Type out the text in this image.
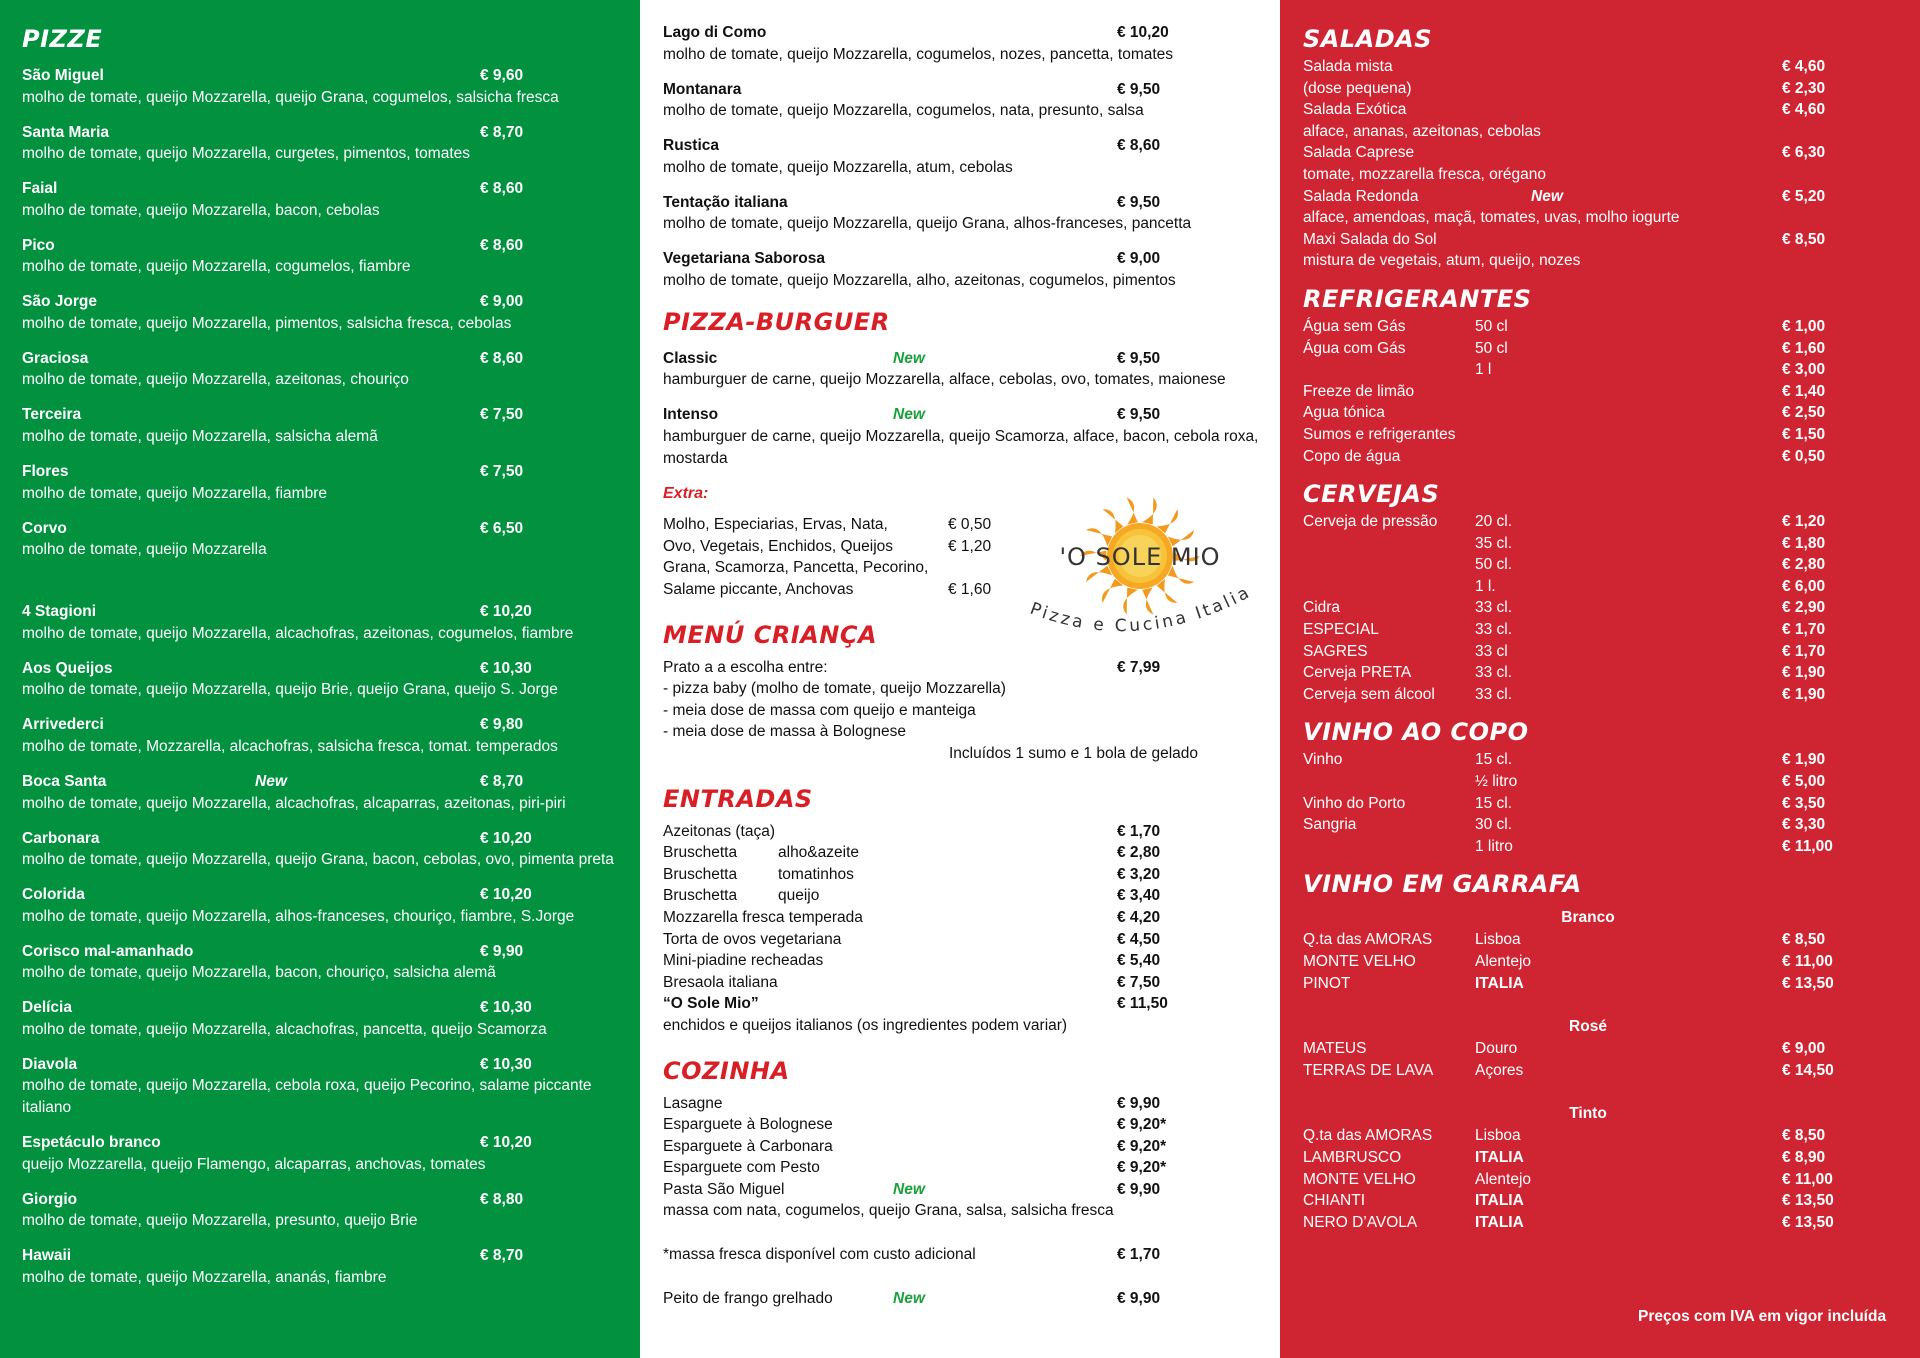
PIZZE
São Miguel	€ 9,60
molho de tomate, queijo Mozzarella, queijo Grana, cogumelos, salsicha fresca
Santa Maria	€ 8,70
molho de tomate, queijo Mozzarella, curgetes, pimentos, tomates
Faial	€ 8,60
molho de tomate, queijo Mozzarella, bacon, cebolas
Pico	€ 8,60
molho de tomate, queijo Mozzarella, cogumelos, fiambre
São Jorge	€ 9,00
molho de tomate, queijo Mozzarella, pimentos, salsicha fresca, cebolas
Graciosa	€ 8,60
molho de tomate, queijo Mozzarella, azeitonas, chouriço
Terceira	€ 7,50
molho de tomate, queijo Mozzarella, salsicha alemã
Flores	€ 7,50
molho de tomate, queijo Mozzarella, fiambre
Corvo	€ 6,50
molho de tomate, queijo Mozzarella
4 Stagioni	€ 10,20
molho de tomate, queijo Mozzarella, alcachofras, azeitonas, cogumelos, fiambre
Aos Queijos	€ 10,30
molho de tomate, queijo Mozzarella, queijo Brie, queijo Grana, queijo S. Jorge
Arrivederci	€ 9,80
molho de tomate, Mozzarella, alcachofras, salsicha fresca, tomat. temperados
Boca Santa	New	€ 8,70
molho de tomate, queijo Mozzarella, alcachofras, alcaparras, azeitonas, piri-piri
Carbonara	€ 10,20
molho de tomate, queijo Mozzarella, queijo Grana, bacon, cebolas, ovo, pimenta preta
Colorida	€ 10,20
molho de tomate, queijo Mozzarella, alhos-franceses, chouriço, fiambre, S.Jorge
Corisco mal-amanhado	€ 9,90
molho de tomate, queijo Mozzarella, bacon, chouriço, salsicha alemã
Delícia	€ 10,30
molho de tomate, queijo Mozzarella, alcachofras, pancetta, queijo Scamorza
Diavola	€ 10,30
molho de tomate, queijo Mozzarella, cebola roxa, queijo Pecorino, salame piccante italiano
Espetáculo branco	€ 10,20
queijo Mozzarella, queijo Flamengo, alcaparras, anchovas, tomates
Giorgio	€ 8,80
molho de tomate, queijo Mozzarella, presunto, queijo Brie
Hawaii	€ 8,70
molho de tomate, queijo Mozzarella, ananás, fiambre
Lago di Como	€ 10,20
molho de tomate, queijo Mozzarella, cogumelos, nozes, pancetta, tomates
Montanara	€ 9,50
molho de tomate, queijo Mozzarella, cogumelos, nata, presunto, salsa
Rustica	€ 8,60
molho de tomate, queijo Mozzarella, atum, cebolas
Tentação italiana	€ 9,50
molho de tomate, queijo Mozzarella, queijo Grana, alhos-franceses, pancetta
Vegetariana Saborosa	€ 9,00
molho de tomate, queijo Mozzarella, alho, azeitonas, cogumelos, pimentos
PIZZA-BURGUER
Classic	New	€ 9,50
hamburguer de carne, queijo Mozzarella, alface, cebolas, ovo, tomates, maionese
Intenso	New	€ 9,50
hamburguer de carne, queijo Mozzarella, queijo Scamorza, alface, bacon, cebola roxa, mostarda
Extra:
Molho, Especiarias, Ervas, Nata,	€ 0,50
Ovo, Vegetais, Enchidos, Queijos	€ 1,20
Grana, Scamorza, Pancetta, Pecorino,
Salame piccante, Anchovas	€ 1,60
'O SOLE MIO
Pizza e Cucina Italia
MENÚ CRIANÇA
Prato a a escolha entre:	€ 7,99
- pizza baby (molho de tomate, queijo Mozzarella)
- meia dose de massa com queijo e manteiga
- meia dose de massa à Bolognese
Incluídos 1 sumo e 1 bola de gelado
ENTRADAS
Azeitonas (taça)	€ 1,70
Bruschetta	alho&azeite	€ 2,80
Bruschetta	tomatinhos	€ 3,20
Bruschetta	queijo	€ 3,40
Mozzarella fresca temperada	€ 4,20
Torta de ovos vegetariana	€ 4,50
Mini-piadine recheadas	€ 5,40
Bresaola italiana	€ 7,50
“O Sole Mio”	€ 11,50
enchidos e queijos italianos (os ingredientes podem variar)
COZINHA
Lasagne	€ 9,90
Esparguete à Bolognese	€ 9,20*
Esparguete à Carbonara	€ 9,20*
Esparguete com Pesto	€ 9,20*
Pasta São Miguel	New	€ 9,90
massa com nata, cogumelos, queijo Grana, salsa, salsicha fresca
*massa fresca disponível com custo adicional	€ 1,70
Peito de frango grelhado	New	€ 9,90
SALADAS
Salada mista	€ 4,60
(dose pequena)	€ 2,30
Salada Exótica	€ 4,60
alface, ananas, azeitonas, cebolas
Salada Caprese	€ 6,30
tomate, mozzarella fresca, orégano
Salada Redonda	New	€ 5,20
alface, amendoas, maçã, tomates, uvas, molho iogurte
Maxi Salada do Sol	€ 8,50
mistura de vegetais, atum, queijo, nozes
REFRIGERANTES
Água sem Gás	50 cl	€ 1,00
Água com Gás	50 cl	€ 1,60
1 l	€ 3,00
Freeze de limão	€ 1,40
Agua tónica	€ 2,50
Sumos e refrigerantes	€ 1,50
Copo de água	€ 0,50
CERVEJAS
Cerveja de pressão 20 cl.	€ 1,20
35 cl.	€ 1,80
50 cl.	€ 2,80
1 l.	€ 6,00
Cidra	33 cl.	€ 2,90
ESPECIAL	33 cl.	€ 1,70
SAGRES	33 cl	€ 1,70
Cerveja PRETA	33 cl.	€ 1,90
Cerveja sem álcool	33 cl.	€ 1,90
VINHO AO COPO
Vinho	15 cl.	€ 1,90
½ litro	€ 5,00
Vinho do Porto	15 cl.	€ 3,50
Sangria	30 cl.	€ 3,30
1 litro	€ 11,00
VINHO EM GARRAFA
Branco
Q.ta das AMORAS	Lisboa	€ 8,50
MONTE VELHO	Alentejo	€ 11,00
PINOT	ITALIA	€ 13,50
Rosé
MATEUS	Douro	€ 9,00
TERRAS DE LAVA	Açores	€ 14,50
Tinto
Q.ta das AMORAS	Lisboa	€ 8,50
LAMBRUSCO	ITALIA	€ 8,90
MONTE VELHO	Alentejo	€ 11,00
CHIANTI	ITALIA	€ 13,50
NERO D’AVOLA	ITALIA	€ 13,50
Preços com IVA em vigor incluída
